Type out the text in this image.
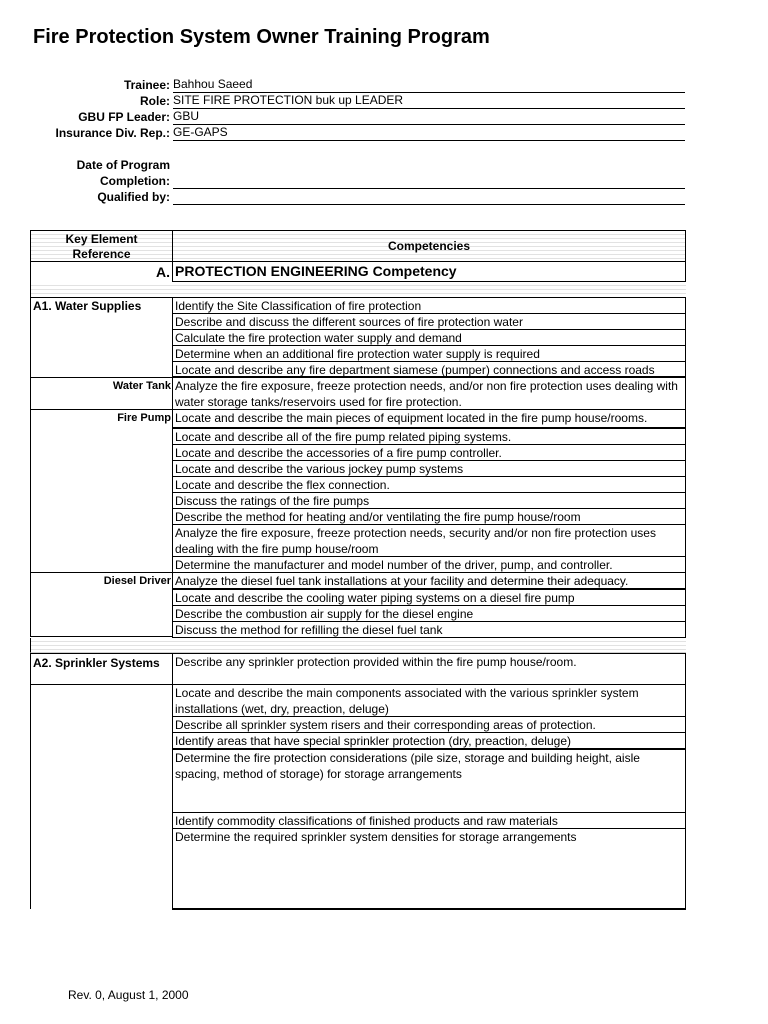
Fire Protection System Owner Training Program
Trainee: Bahhou Saeed
Role: SITE FIRE PROTECTION buk up LEADER
GBU FP Leader: GBU
Insurance Div. Rep.: GE-GAPS
Date of Program
Completion:
Qualified by:
Key Element
Reference
Competencies
A. PROTECTION ENGINEERING Competency
A1. Water Supplies	Identify the Site Classification of fire protection
Describe and discuss the different sources of fire protection water
Calculate the fire protection water supply and demand
Determine when an additional fire protection water supply is required
Locate and describe any fire department siamese (pumper) connections and access roads
Water Tank Analyze the fire exposure, freeze protection needs, and/or non fire protection uses dealing with water storage tanks/reservoirs used for fire protection.
Fire Pump Locate and describe the main pieces of equipment located in the fire pump house/rooms.
Locate and describe all of the fire pump related piping systems.
Locate and describe the accessories of a fire pump controller.
Locate and describe the various jockey pump systems
Locate and describe the flex connection.
Discuss the ratings of the fire pumps
Describe the method for heating and/or ventilating the fire pump house/room
Analyze the fire exposure, freeze protection needs, security and/or non fire protection uses dealing with the fire pump house/room
Determine the manufacturer and model number of the driver, pump, and controller.
Diesel Driver Analyze the diesel fuel tank installations at your facility and determine their adequacy.
Locate and describe the cooling water piping systems on a diesel fire pump
Describe the combustion air supply for the diesel engine
Discuss the method for refilling the diesel fuel tank
A2. Sprinkler Systems	Describe any sprinkler protection provided within the fire pump house/room.
Locate and describe the main components associated with the various sprinkler system installations (wet, dry, preaction, deluge)
Describe all sprinkler system risers and their corresponding areas of protection.
Identify areas that have special sprinkler protection (dry, preaction, deluge)
Determine the fire protection considerations (pile size, storage and building height, aisle spacing, method of storage) for storage arrangements
Identify commodity classifications of finished products and raw materials
Determine the required sprinkler system densities for storage arrangements
Rev. 0, August 1, 2000
